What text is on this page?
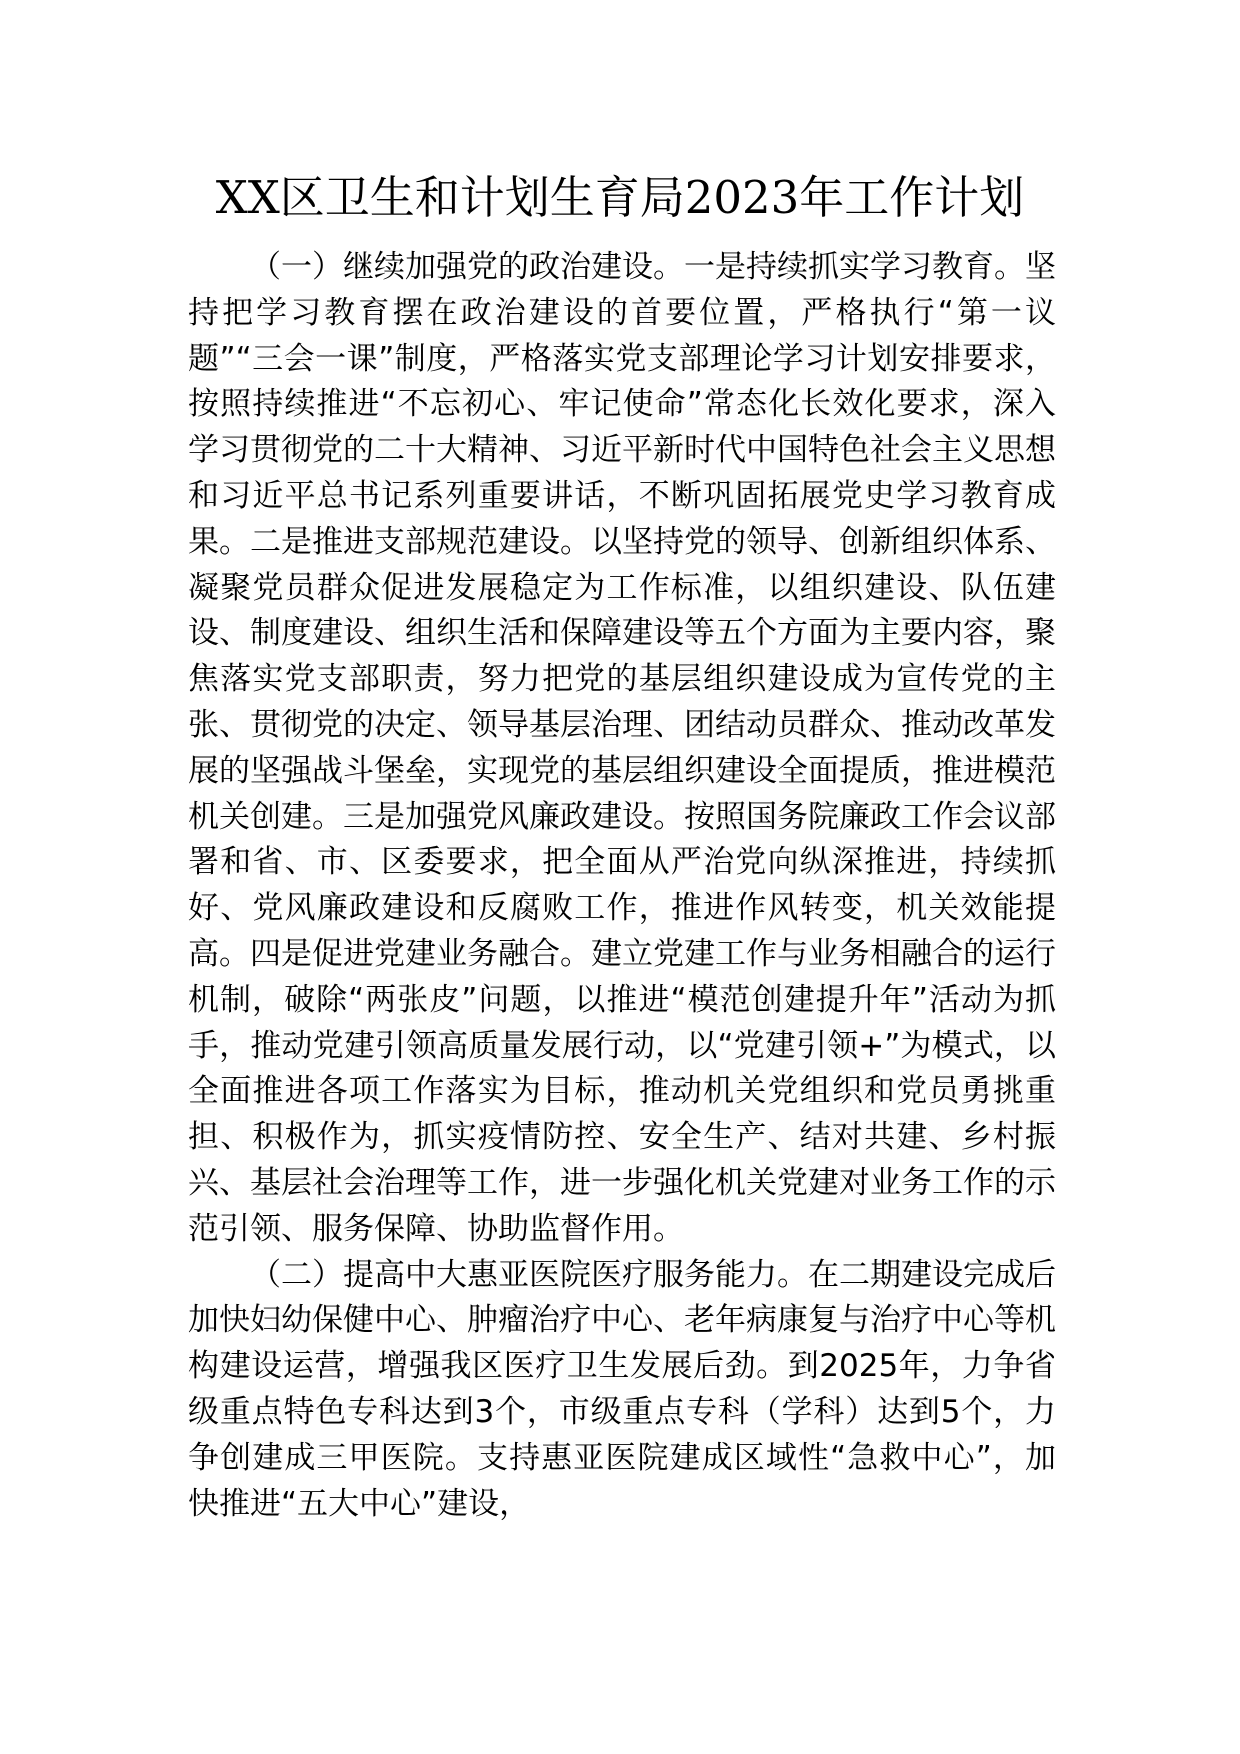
XX区卫生和计划生育局2023年工作计划

（一）继续加强党的政治建设。一是持续抓实学习教育。坚持把学习教育摆在政治建设的首要位置，严格执行“第一议题”“三会一课”制度，严格落实党支部理论学习计划安排要求，按照持续推进“不忘初心、牢记使命”常态化长效化要求，深入学习贯彻党的二十大精神、习近平新时代中国特色社会主义思想和习近平总书记系列重要讲话，不断巩固拓展党史学习教育成果。二是推进支部规范建设。以坚持党的领导、创新组织体系、凝聚党员群众促进发展稳定为工作标准，以组织建设、队伍建设、制度建设、组织生活和保障建设等五个方面为主要内容，聚焦落实党支部职责，努力把党的基层组织建设成为宣传党的主张、贯彻党的决定、领导基层治理、团结动员群众、推动改革发展的坚强战斗堡垒，实现党的基层组织建设全面提质，推进模范机关创建。三是加强党风廉政建设。按照国务院廉政工作会议部署和省、市、区委要求，把全面从严治党向纵深推进，持续抓好、党风廉政建设和反腐败工作，推进作风转变，机关效能提高。四是促进党建业务融合。建立党建工作与业务相融合的运行机制，破除“两张皮”问题，以推进“模范创建提升年”活动为抓手，推动党建引领高质量发展行动，以“党建引领+”为模式，以全面推进各项工作落实为目标，推动机关党组织和党员勇挑重担、积极作为，抓实疫情防控、安全生产、结对共建、乡村振兴、基层社会治理等工作，进一步强化机关党建对业务工作的示范引领、服务保障、协助监督作用。

（二）提高中大惠亚医院医疗服务能力。在二期建设完成后加快妇幼保健中心、肿瘤治疗中心、老年病康复与治疗中心等机构建设运营，增强我区医疗卫生发展后劲。到2025年，力争省级重点特色专科达到3个，市级重点专科（学科）达到5个，力争创建成三甲医院。支持惠亚医院建成区域性“急救中心”，加快推进“五大中心”建设，
